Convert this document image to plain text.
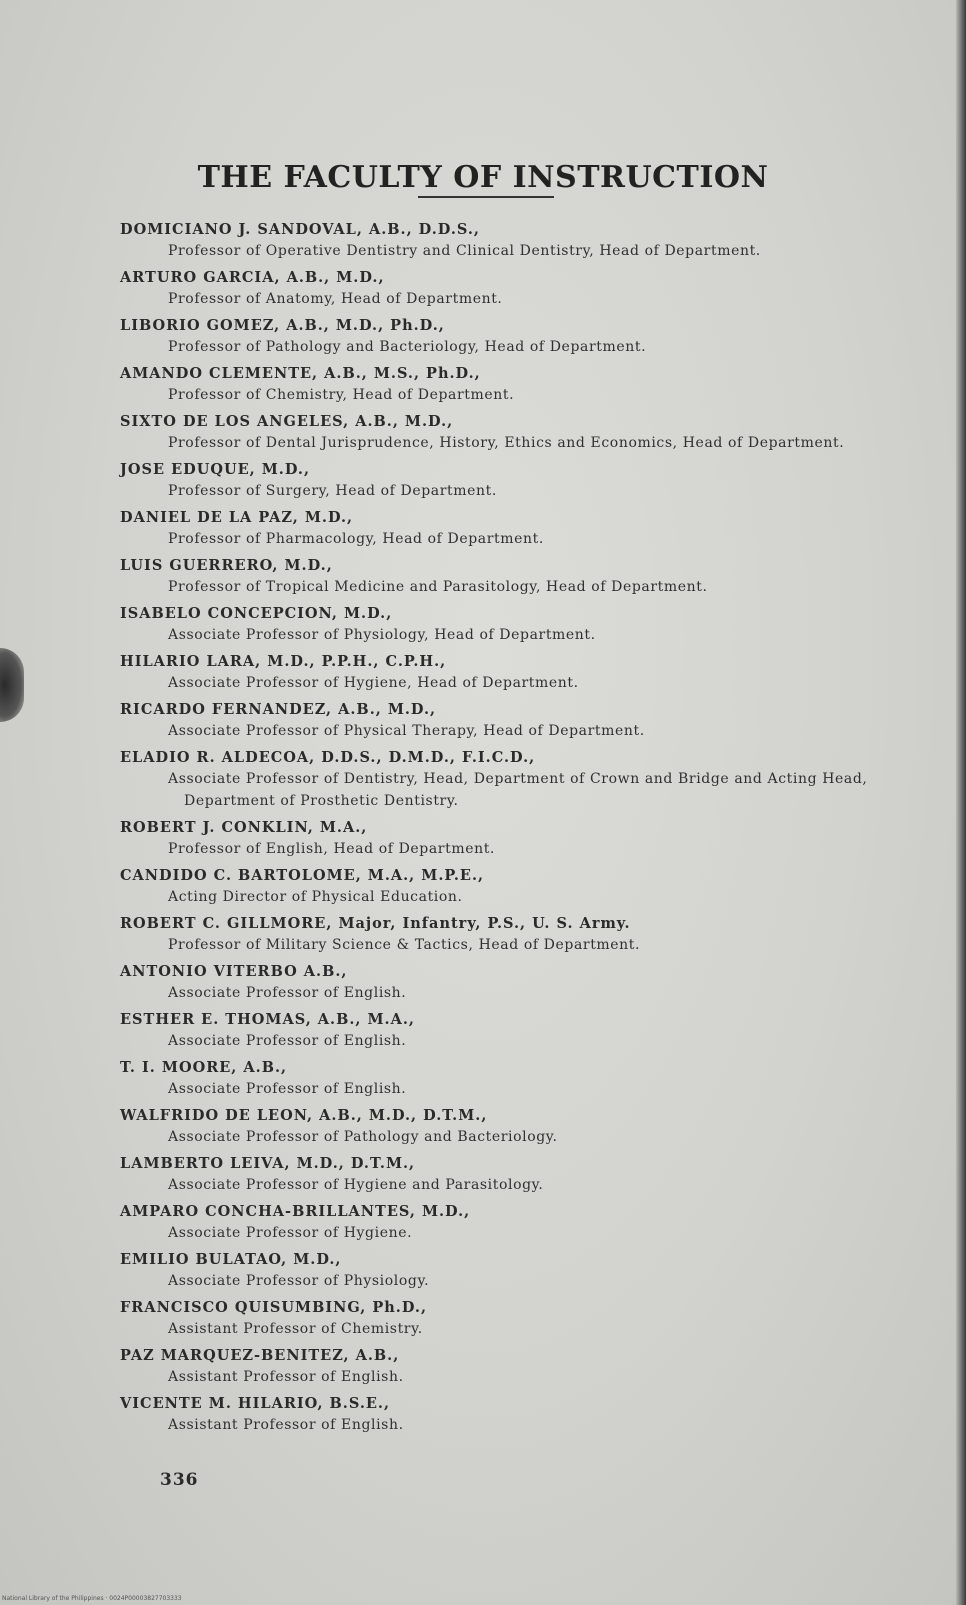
THE FACULTY OF INSTRUCTION
DOMICIANO J. SANDOVAL, A.B., D.D.S.,
Professor of Operative Dentistry and Clinical Dentistry, Head of Department.
ARTURO GARCIA, A.B., M.D.,
Professor of Anatomy, Head of Department.
LIBORIO GOMEZ, A.B., M.D., Ph.D.,
Professor of Pathology and Bacteriology, Head of Department.
AMANDO CLEMENTE, A.B., M.S., Ph.D.,
Professor of Chemistry, Head of Department.
SIXTO DE LOS ANGELES, A.B., M.D.,
Professor of Dental Jurisprudence, History, Ethics and Economics, Head of Department.
JOSE EDUQUE, M.D.,
Professor of Surgery, Head of Department.
DANIEL DE LA PAZ, M.D.,
Professor of Pharmacology, Head of Department.
LUIS GUERRERO, M.D.,
Professor of Tropical Medicine and Parasitology, Head of Department.
ISABELO CONCEPCION, M.D.,
Associate Professor of Physiology, Head of Department.
HILARIO LARA, M.D., P.P.H., C.P.H.,
Associate Professor of Hygiene, Head of Department.
RICARDO FERNANDEZ, A.B., M.D.,
Associate Professor of Physical Therapy, Head of Department.
ELADIO R. ALDECOA, D.D.S., D.M.D., F.I.C.D.,
Associate Professor of Dentistry, Head, Department of Crown and Bridge and Acting Head, Department of Prosthetic Dentistry.
ROBERT J. CONKLIN, M.A.,
Professor of English, Head of Department.
CANDIDO C. BARTOLOME, M.A., M.P.E.,
Acting Director of Physical Education.
ROBERT C. GILLMORE, Major, Infantry, P.S., U. S. Army.
Professor of Military Science & Tactics, Head of Department.
ANTONIO VITERBO A.B.,
Associate Professor of English.
ESTHER E. THOMAS, A.B., M.A.,
Associate Professor of English.
T. I. MOORE, A.B.,
Associate Professor of English.
WALFRIDO DE LEON, A.B., M.D., D.T.M.,
Associate Professor of Pathology and Bacteriology.
LAMBERTO LEIVA, M.D., D.T.M.,
Associate Professor of Hygiene and Parasitology.
AMPARO CONCHA-BRILLANTES, M.D.,
Associate Professor of Hygiene.
EMILIO BULATAO, M.D.,
Associate Professor of Physiology.
FRANCISCO QUISUMBING, Ph.D.,
Assistant Professor of Chemistry.
PAZ MARQUEZ-BENITEZ, A.B.,
Assistant Professor of English.
VICENTE M. HILARIO, B.S.E.,
Assistant Professor of English.
336
National Library of the Philippines · 0024P00003827703333
